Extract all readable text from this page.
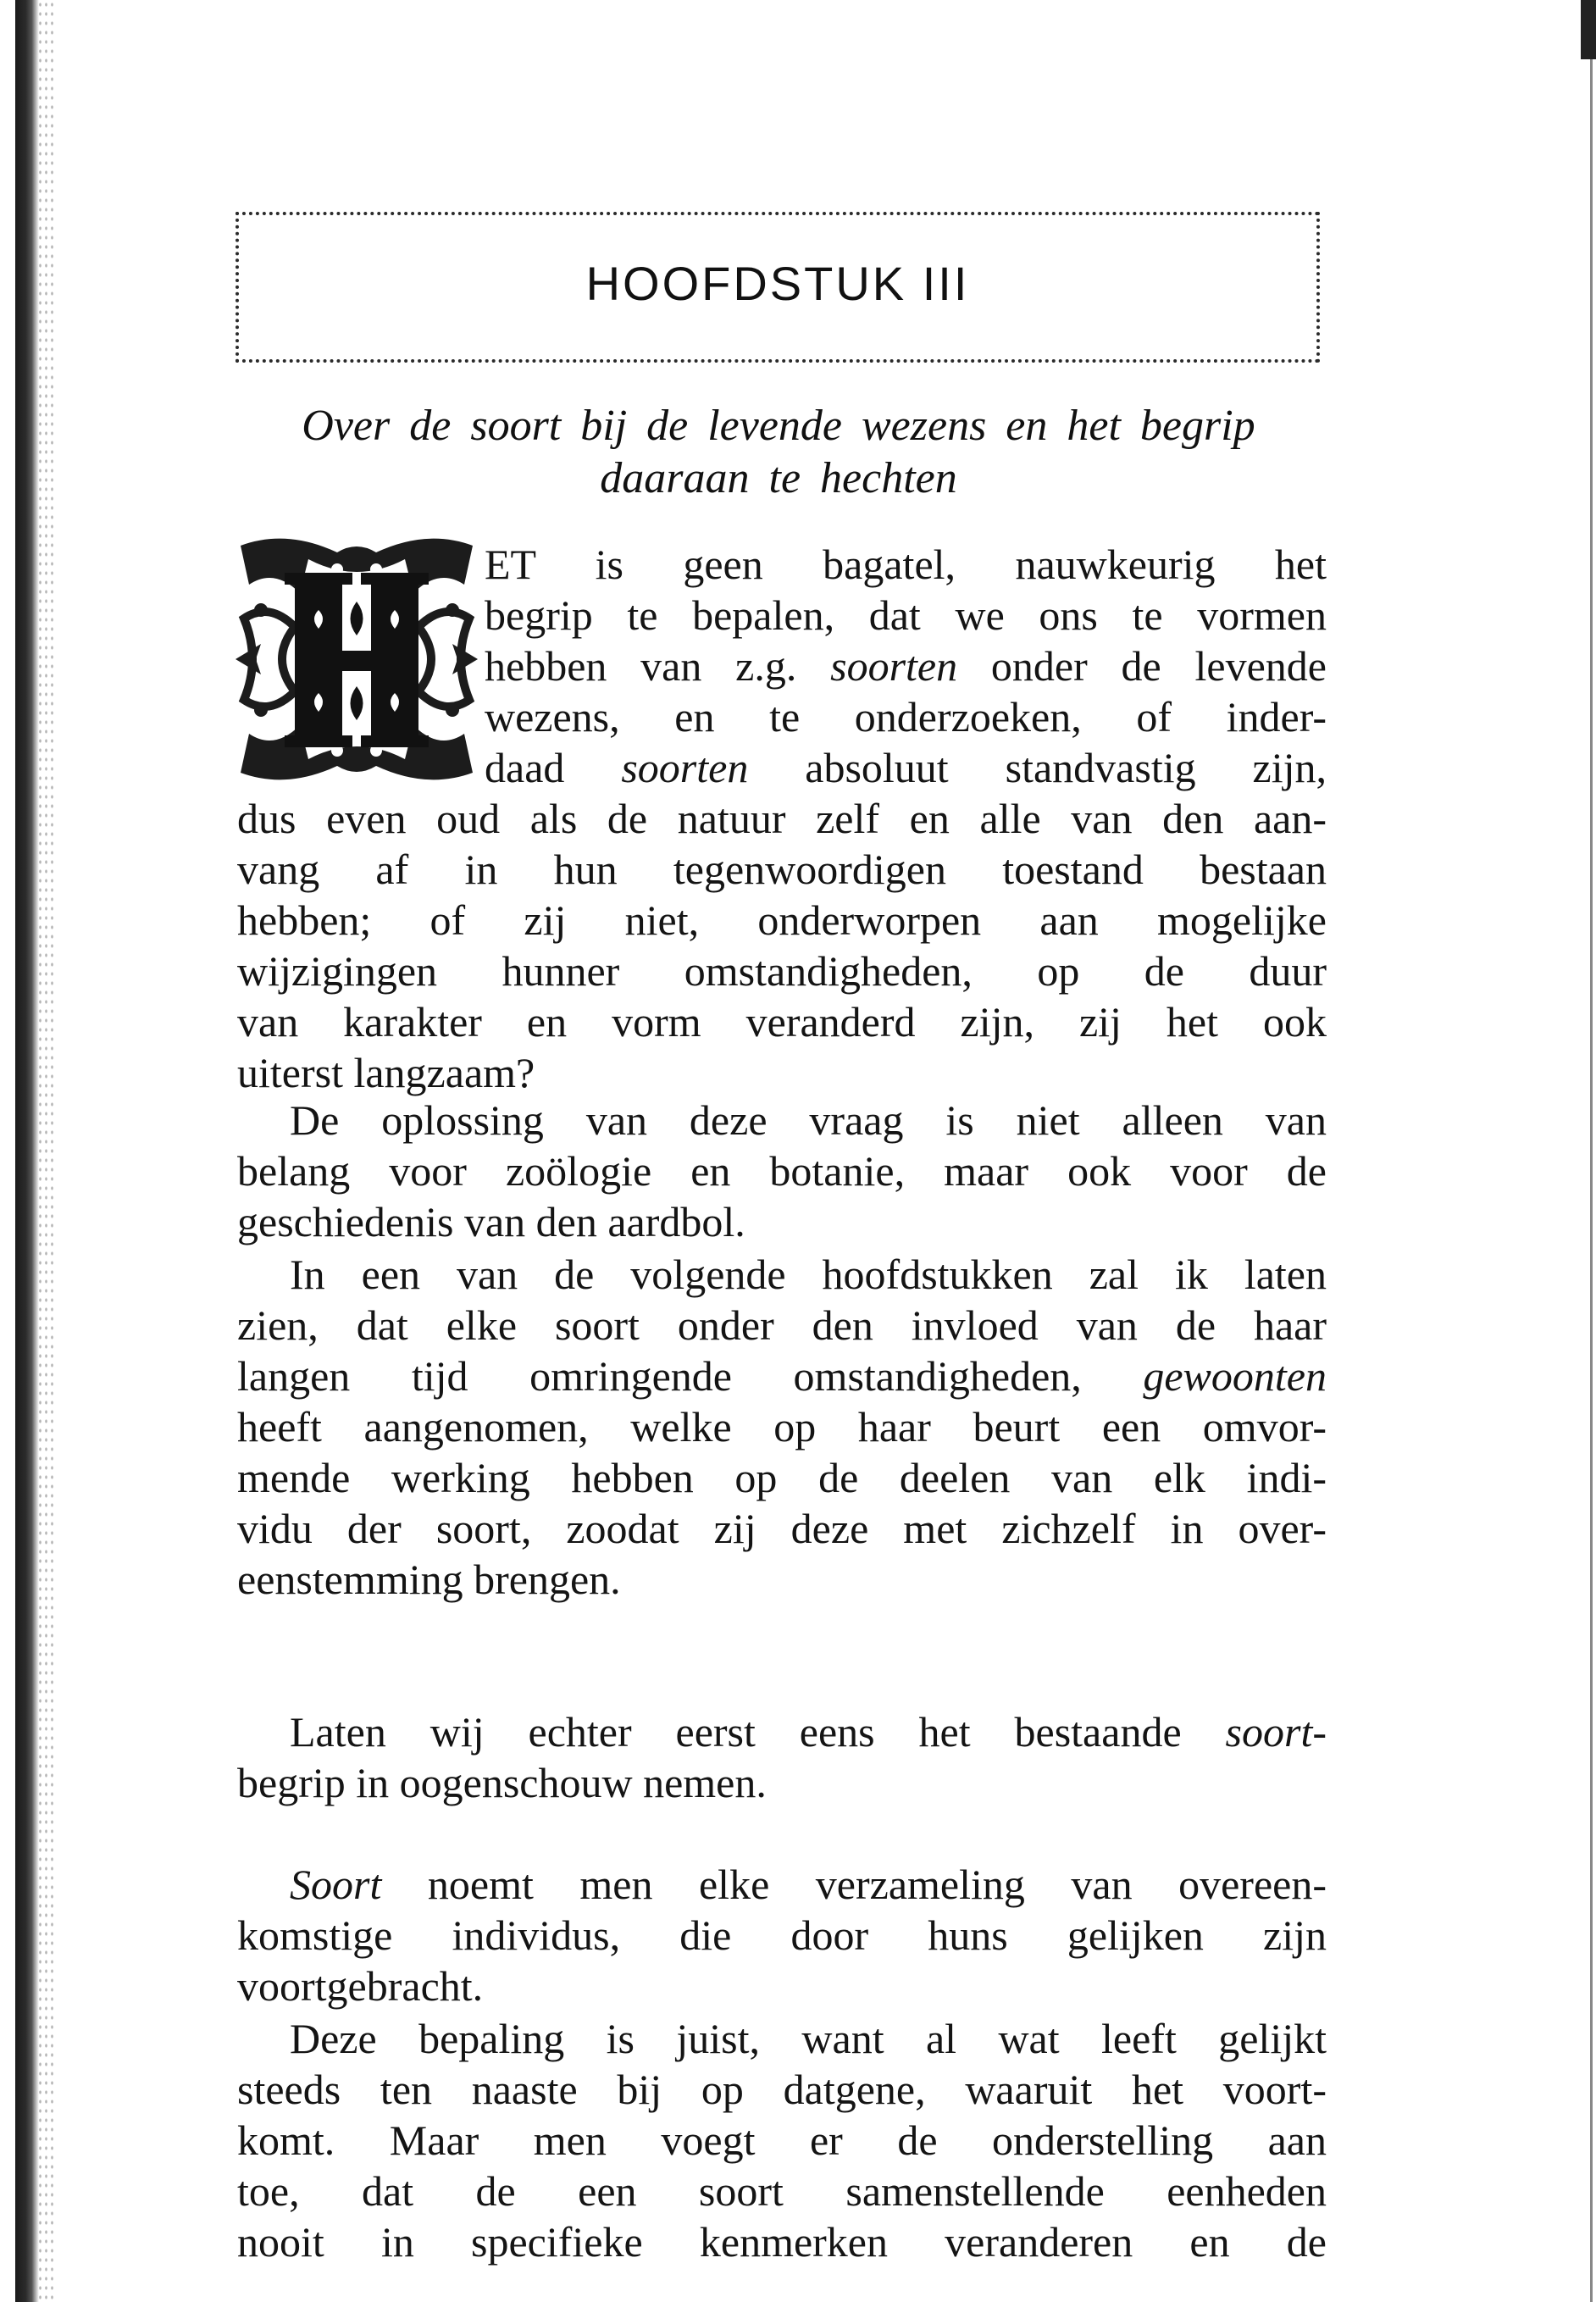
HOOFDSTUK III
Over de soort bij de levende wezens en het begrip
daaraan te hechten
ET is geen bagatel, nauwkeurig het
begrip te bepalen, dat we ons te vormen
hebben van z.g. soorten onder de levende
wezens, en te onderzoeken, of inder-
daad soorten absoluut standvastig zijn,
dus even oud als de natuur zelf en alle van den aan-
vang af in hun tegenwoordigen toestand bestaan
hebben; of zij niet, onderworpen aan mogelijke
wijzigingen hunner omstandigheden, op de duur
van karakter en vorm veranderd zijn, zij het ook
uiterst langzaam?
De oplossing van deze vraag is niet alleen van
belang voor zoölogie en botanie, maar ook voor de
geschiedenis van den aardbol.
In een van de volgende hoofdstukken zal ik laten
zien, dat elke soort onder den invloed van de haar
langen tijd omringende omstandigheden, gewoonten
heeft aangenomen, welke op haar beurt een omvor-
mende werking hebben op de deelen van elk indi-
vidu der soort, zoodat zij deze met zichzelf in over-
eenstemming brengen.
Laten wij echter eerst eens het bestaande soort-
begrip in oogenschouw nemen.
Soort noemt men elke verzameling van overeen-
komstige individus, die door huns gelijken zijn
voortgebracht.
Deze bepaling is juist, want al wat leeft gelijkt
steeds ten naaste bij op datgene, waaruit het voort-
komt. Maar men voegt er de onderstelling aan
toe, dat de een soort samenstellende eenheden
nooit in specifieke kenmerken veranderen en de
